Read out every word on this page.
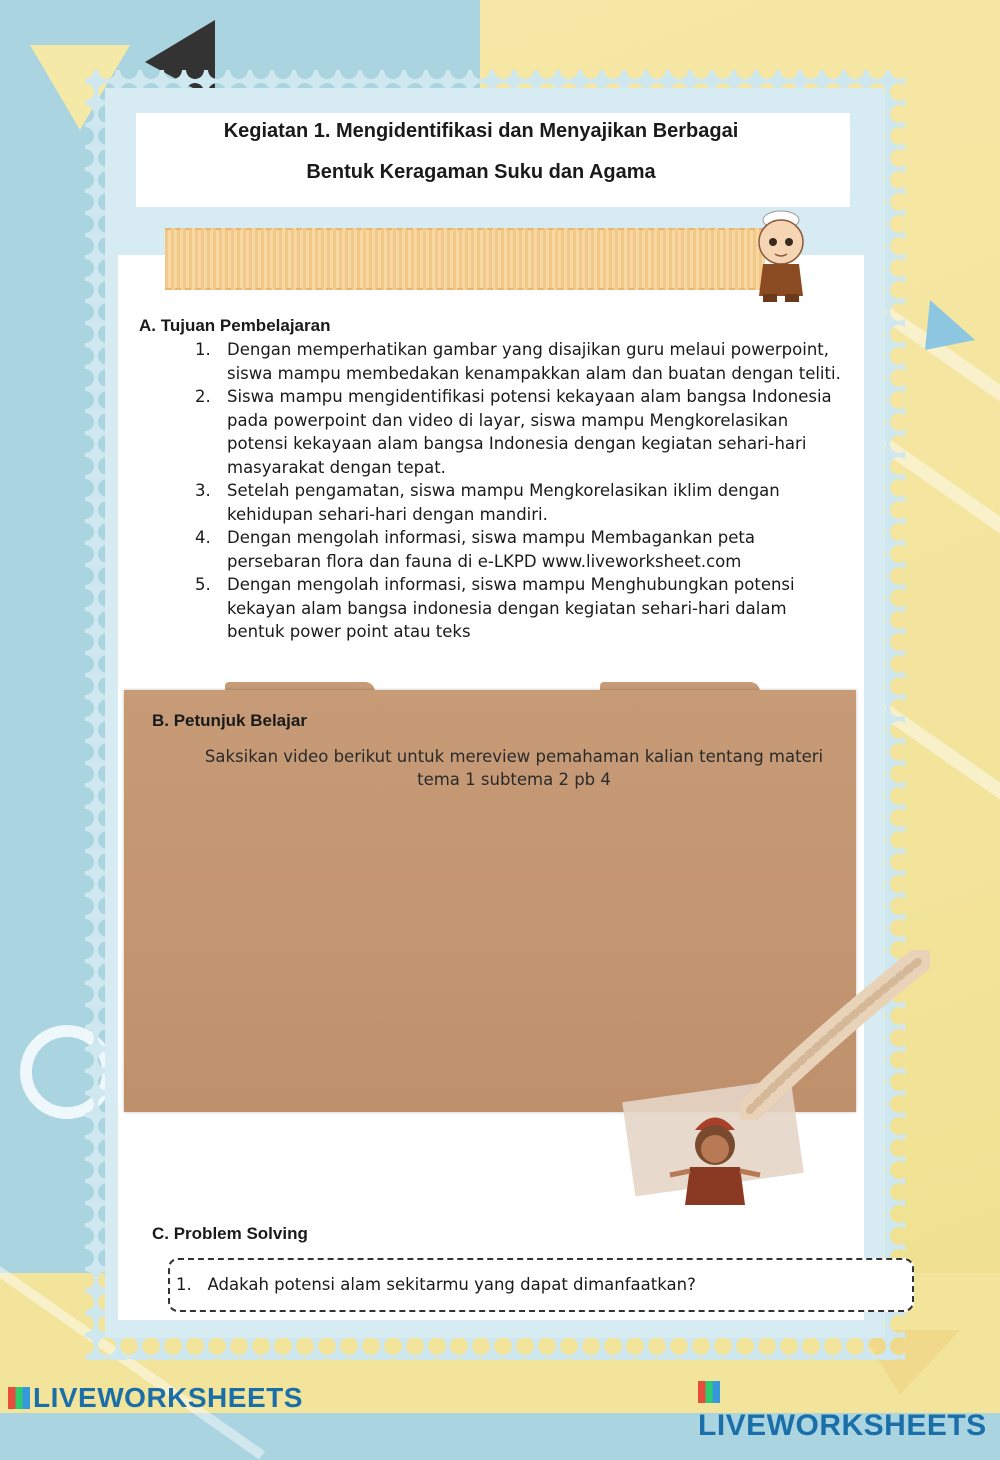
Kegiatan 1. Mengidentifikasi dan Menyajikan Berbagai
Bentuk Keragaman Suku dan Agama
A. Tujuan Pembelajaran
1. Dengan memperhatikan gambar yang disajikan guru melaui powerpoint, siswa mampu membedakan kenampakkan alam dan buatan dengan teliti.
2. Siswa mampu mengidentifikasi potensi kekayaan alam bangsa Indonesia pada powerpoint dan video di layar, siswa mampu Mengkorelasikan potensi kekayaan alam bangsa Indonesia dengan kegiatan sehari-hari masyarakat dengan tepat.
3. Setelah pengamatan, siswa mampu Mengkorelasikan iklim dengan kehidupan sehari-hari dengan mandiri.
4. Dengan mengolah informasi, siswa mampu Membagankan peta persebaran flora dan fauna di e-LKPD www.liveworksheet.com
5. Dengan mengolah informasi, siswa mampu Menghubungkan potensi kekayan alam bangsa indonesia dengan kegiatan sehari-hari dalam bentuk power point atau teks
B. Petunjuk Belajar
Saksikan video berikut untuk mereview pemahaman kalian tentang materi
tema 1 subtema 2 pb 4
C. Problem Solving
1. Adakah potensi alam sekitarmu yang dapat dimanfaatkan?
LIVEWORKSHEETS
LIVEWORKSHEETS
